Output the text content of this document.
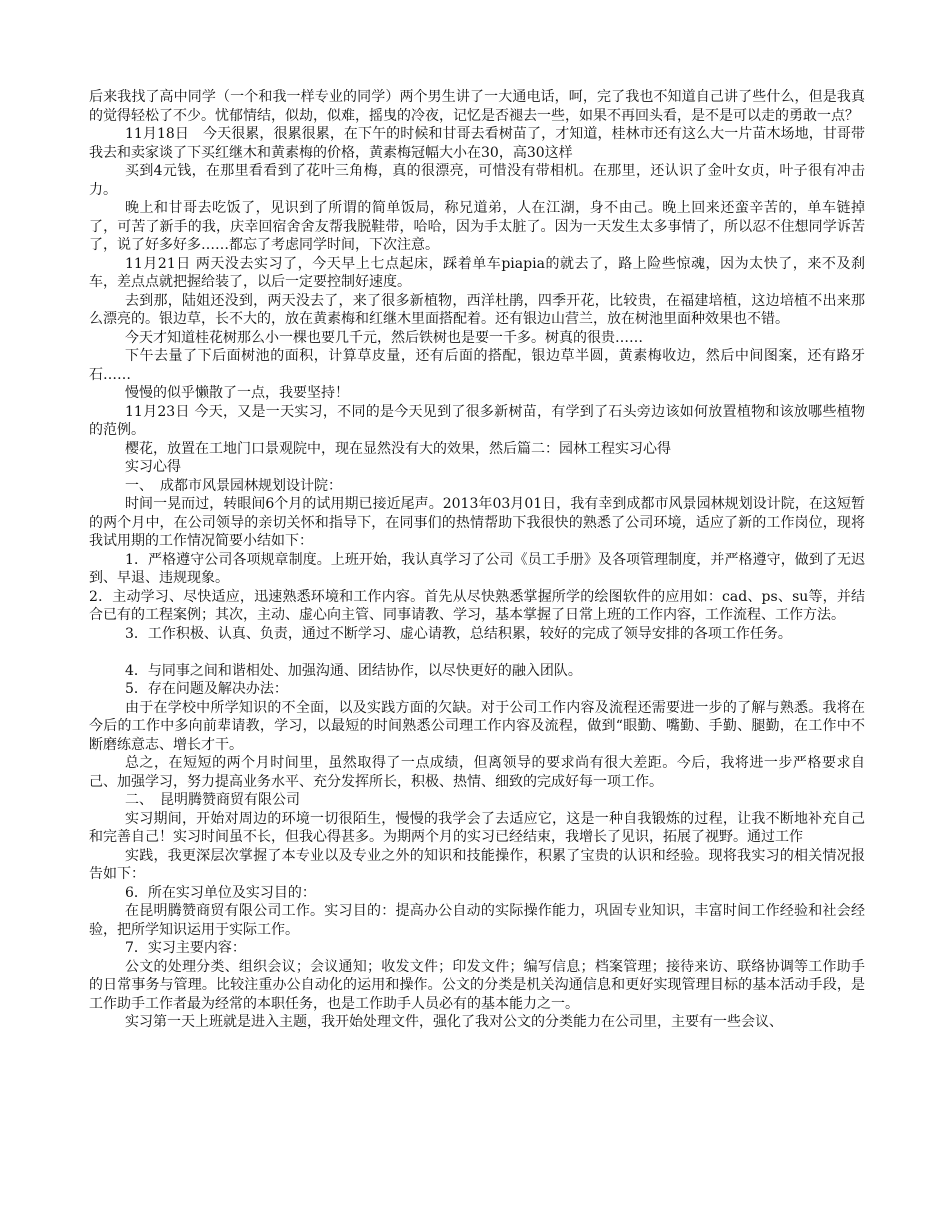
后来我找了高中同学（一个和我一样专业的同学）两个男生讲了一大通电话，呵，完了我也不知道自己讲了些什么，但是我真的觉得轻松了不少。忧郁情结，似劫，似难，摇曳的冷夜，记忆是否褪去一些，如果不再回头看，是不是可以走的勇敢一点？

11月18日　今天很累，很累很累，在下午的时候和甘哥去看树苗了，才知道，桂林市还有这么大一片苗木场地，甘哥带我去和卖家谈了下买红继木和黄素梅的价格，黄素梅冠幅大小在30，高30这样

买到4元钱，在那里看看到了花叶三角梅，真的很漂亮，可惜没有带相机。在那里，还认识了金叶女贞，叶子很有冲击力。

晚上和甘哥去吃饭了，见识到了所谓的简单饭局，称兄道弟，人在江湖，身不由己。晚上回来还蛮辛苦的，单车链掉了，可苦了新手的我，庆幸回宿舍舍友帮我脱鞋带，哈哈，因为手太脏了。因为一天发生太多事情了，所以忍不住想同学诉苦了，说了好多好多……都忘了考虑同学时间，下次注意。

11月21日 两天没去实习了，今天早上七点起床，踩着单车piapia的就去了，路上险些惊魂，因为太快了，来不及刹车，差点点就把握给装了，以后一定要控制好速度。

去到那，陆姐还没到，两天没去了，来了很多新植物，西洋杜鹃，四季开花，比较贵，在福建培植，这边培植不出来那么漂亮的。银边草，长不大的，放在黄素梅和红继木里面搭配着。还有银边山营兰，放在树池里面种效果也不错。

今天才知道桂花树那么小一棵也要几千元，然后铁树也是要一千多。树真的很贵……

下午去量了下后面树池的面积，计算草皮量，还有后面的搭配，银边草半圆，黄素梅收边，然后中间图案，还有路牙石……

慢慢的似乎懒散了一点，我要坚持！

11月23日 今天，又是一天实习，不同的是今天见到了很多新树苗，有学到了石头旁边该如何放置植物和该放哪些植物的范例。

樱花，放置在工地门口景观院中，现在显然没有大的效果，然后篇二：园林工程实习心得

实习心得

一、　成都市风景园林规划设计院：

时间一晃而过，转眼间6个月的试用期已接近尾声。2013年03月01日，我有幸到成都市风景园林规划设计院，在这短暂的两个月中，在公司领导的亲切关怀和指导下，在同事们的热情帮助下我很快的熟悉了公司环境，适应了新的工作岗位，现将我试用期的工作情况简要小结如下：

1．严格遵守公司各项规章制度。上班开始，我认真学习了公司《员工手册》及各项管理制度，并严格遵守，做到了无迟到、早退、违规现象。

2．主动学习、尽快适应，迅速熟悉环境和工作内容。首先从尽快熟悉掌握所学的绘图软件的应用如：cad、ps、su等，并结合已有的工程案例；其次，主动、虚心向主管、同事请教、学习，基本掌握了日常上班的工作内容，工作流程、工作方法。

3．工作积极、认真、负责，通过不断学习、虚心请教，总结积累，较好的完成了领导安排的各项工作任务。

4．与同事之间和谐相处、加强沟通、团结协作，以尽快更好的融入团队。

5．存在问题及解决办法：

由于在学校中所学知识的不全面，以及实践方面的欠缺。对于公司工作内容及流程还需要进一步的了解与熟悉。我将在今后的工作中多向前辈请教，学习，以最短的时间熟悉公司理工作内容及流程，做到“眼勤、嘴勤、手勤、腿勤，在工作中不断磨练意志、增长才干。

总之，在短短的两个月时间里，虽然取得了一点成绩，但离领导的要求尚有很大差距。今后，我将进一步严格要求自己、加强学习，努力提高业务水平、充分发挥所长，积极、热情、细致的完成好每一项工作。

二、　昆明腾赞商贸有限公司

实习期间，开始对周边的环境一切很陌生，慢慢的我学会了去适应它，这是一种自我锻炼的过程，让我不断地补充自己和完善自己！实习时间虽不长，但我心得甚多。为期两个月的实习已经结束，我增长了见识，拓展了视野。通过工作

实践，我更深层次掌握了本专业以及专业之外的知识和技能操作，积累了宝贵的认识和经验。现将我实习的相关情况报告如下：

6．所在实习单位及实习目的：

在昆明腾赞商贸有限公司工作。实习目的：提高办公自动的实际操作能力，巩固专业知识，丰富时间工作经验和社会经验，把所学知识运用于实际工作。

7．实习主要内容：

公文的处理分类、组织会议；会议通知；收发文件；印发文件；编写信息；档案管理；接待来访、联络协调等工作助手的日常事务与管理。比较注重办公自动化的运用和操作。公文的分类是机关沟通信息和更好实现管理目标的基本活动手段，是工作助手工作者最为经常的本职任务，也是工作助手人员必有的基本能力之一。

实习第一天上班就是进入主题，我开始处理文件，强化了我对公文的分类能力在公司里，主要有一些会议、
